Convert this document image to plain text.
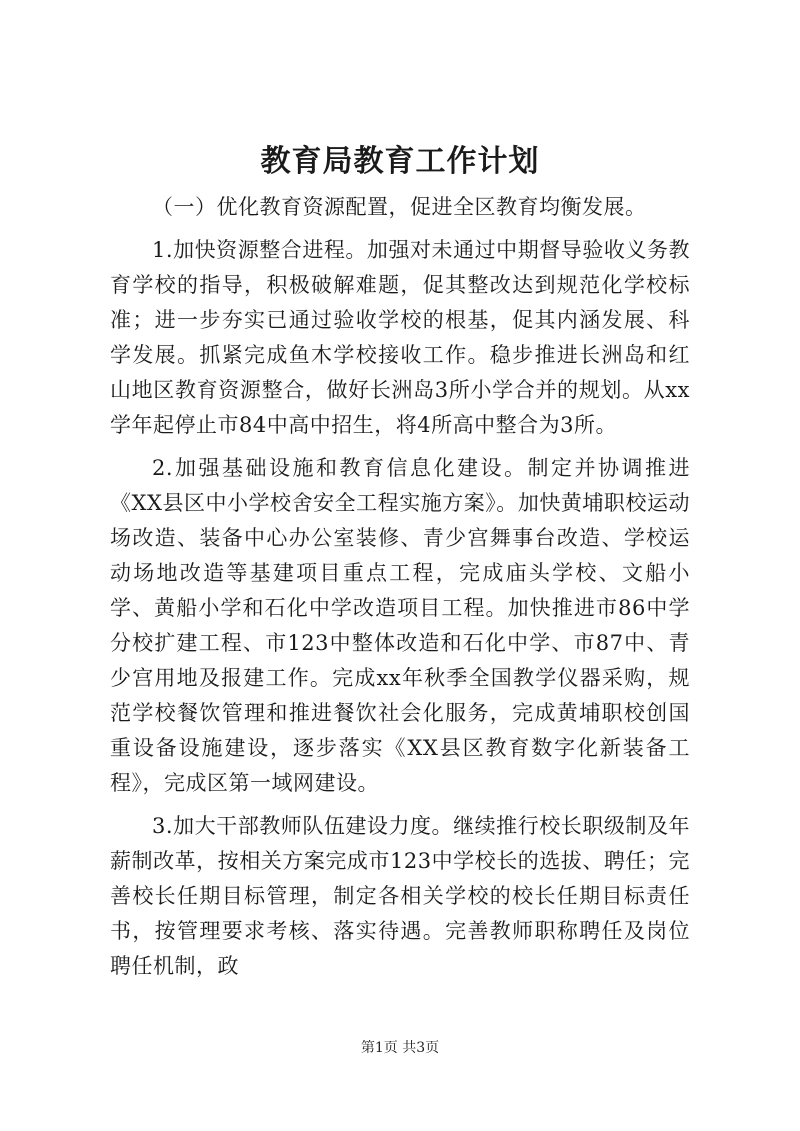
教育局教育工作计划

（一）优化教育资源配置，促进全区教育均衡发展。

1.加快资源整合进程。加强对未通过中期督导验收义务教育学校的指导，积极破解难题，促其整改达到规范化学校标准；进一步夯实已通过验收学校的根基，促其内涵发展、科学发展。抓紧完成鱼木学校接收工作。稳步推进长洲岛和红山地区教育资源整合，做好长洲岛3所小学合并的规划。从xx学年起停止市84中高中招生，将4所高中整合为3所。

2.加强基础设施和教育信息化建设。制定并协调推进《XX县区中小学校舍安全工程实施方案》。加快黄埔职校运动场改造、装备中心办公室装修、青少宫舞事台改造、学校运动场地改造等基建项目重点工程，完成庙头学校、文船小学、黄船小学和石化中学改造项目工程。加快推进市86中学分校扩建工程、市123中整体改造和石化中学、市87中、青少宫用地及报建工作。完成xx年秋季全国教学仪器采购，规范学校餐饮管理和推进餐饮社会化服务，完成黄埔职校创国重设备设施建设，逐步落实《XX县区教育数字化新装备工程》，完成区第一域网建设。

3.加大干部教师队伍建设力度。继续推行校长职级制及年薪制改革，按相关方案完成市123中学校长的选拔、聘任；完善校长任期目标管理，制定各相关学校的校长任期目标责任书，按管理要求考核、落实待遇。完善教师职称聘任及岗位聘任机制，政

第1页 共3页
